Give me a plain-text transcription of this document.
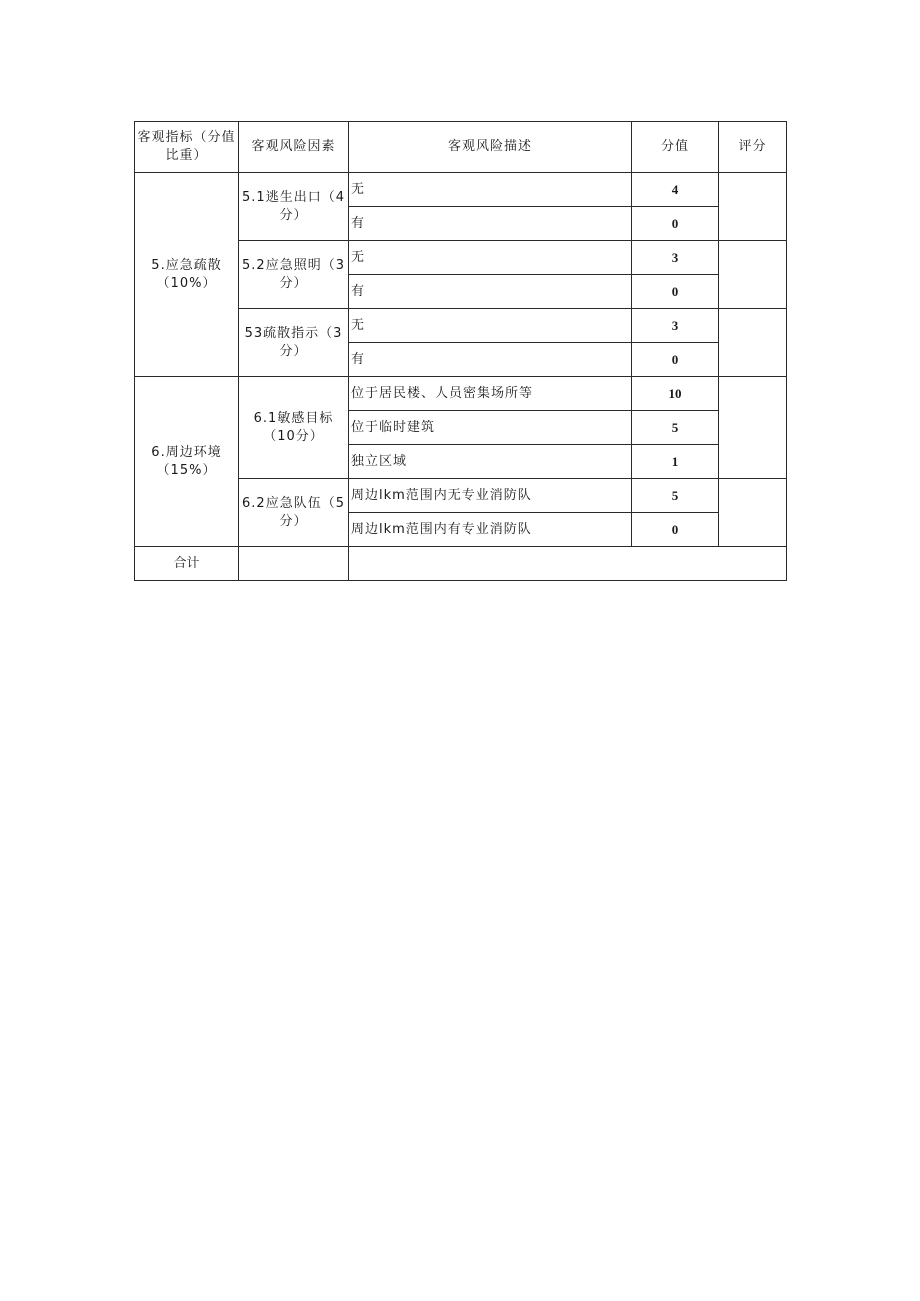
客观指标（分值比重）	客观风险因素	客观风险描述	分值	评分
5.应急疏散（10%）	5.1逃生出口（4分）	无	4	
		有	0	
	5.2应急照明（3分）	无	3	
		有	0	
	53疏散指示（3分）	无	3	
		有	0	
6.周边环境（15%）	6.1敏感目标（10分）	位于居民楼、人员密集场所等	10	
		位于临时建筑	5	
		独立区域	1	
	6.2应急队伍（5分）	周边lkm范围内无专业消防队	5	
		周边lkm范围内有专业消防队	0	
合计				
